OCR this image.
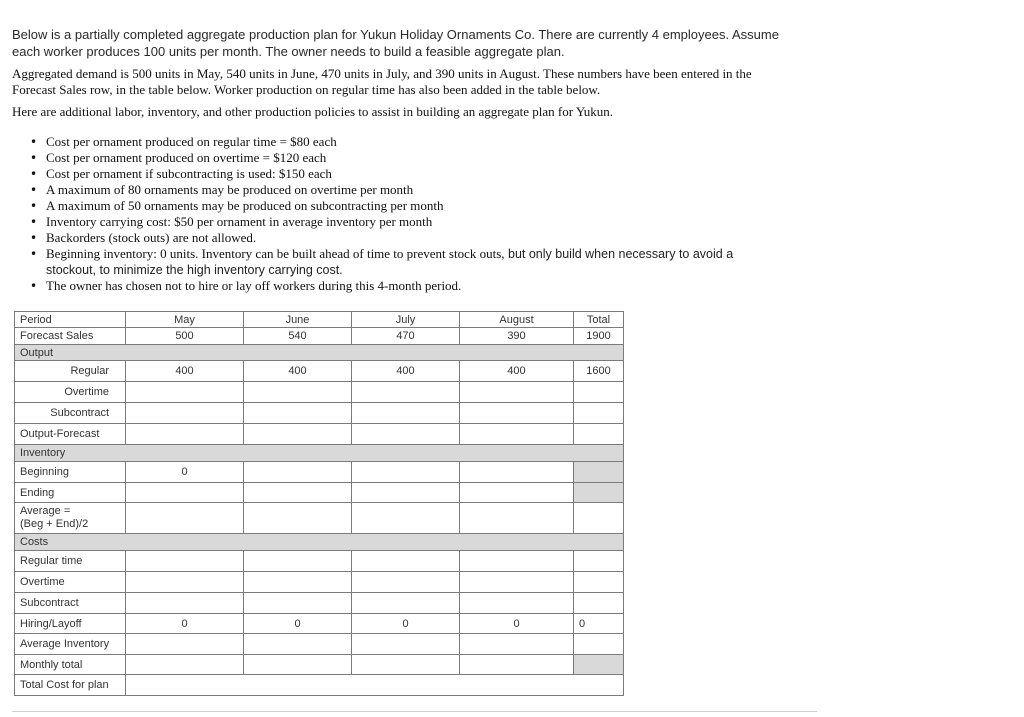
Below is a partially completed aggregate production plan for Yukun Holiday Ornaments Co. There are currently 4 employees. Assume

each worker produces 100 units per month. The owner needs to build a feasible aggregate plan.

Aggregated demand is 500 units in May, 540 units in June, 470 units in July, and 390 units in August. These numbers have been entered in the

Forecast Sales row, in the table below. Worker production on regular time has also been added in the table below.

Here are additional labor, inventory, and other production policies to assist in building an aggregate plan for Yukun.

• Cost per ornament produced on regular time = $80 each
• Cost per ornament produced on overtime = $120 each
• Cost per ornament if subcontracting is used: $150 each
• A maximum of 80 ornaments may be produced on overtime per month
• A maximum of 50 ornaments may be produced on subcontracting per month
• Inventory carrying cost: $50 per ornament in average inventory per month
• Backorders (stock outs) are not allowed.
• Beginning inventory: 0 units. Inventory can be built ahead of time to prevent stock outs, but only build when necessary to avoid a
stockout, to minimize the high inventory carrying cost.
• The owner has chosen not to hire or lay off workers during this 4-month period.
Period	May	June	July	August	Total
Forecast Sales	500	540	470	390	1900
Output					
Regular	400	400	400	400	1600
Overtime					
Subcontract					
Output-Forecast					
Inventory					
Beginning	0				
Ending					
Average =
(Beg + End)/2					
Costs					
Regular time					
Overtime					
Subcontract					
Hiring/Layoff	0	0	0	0	0
Average Inventory					
Monthly total					
Total Cost for plan					
